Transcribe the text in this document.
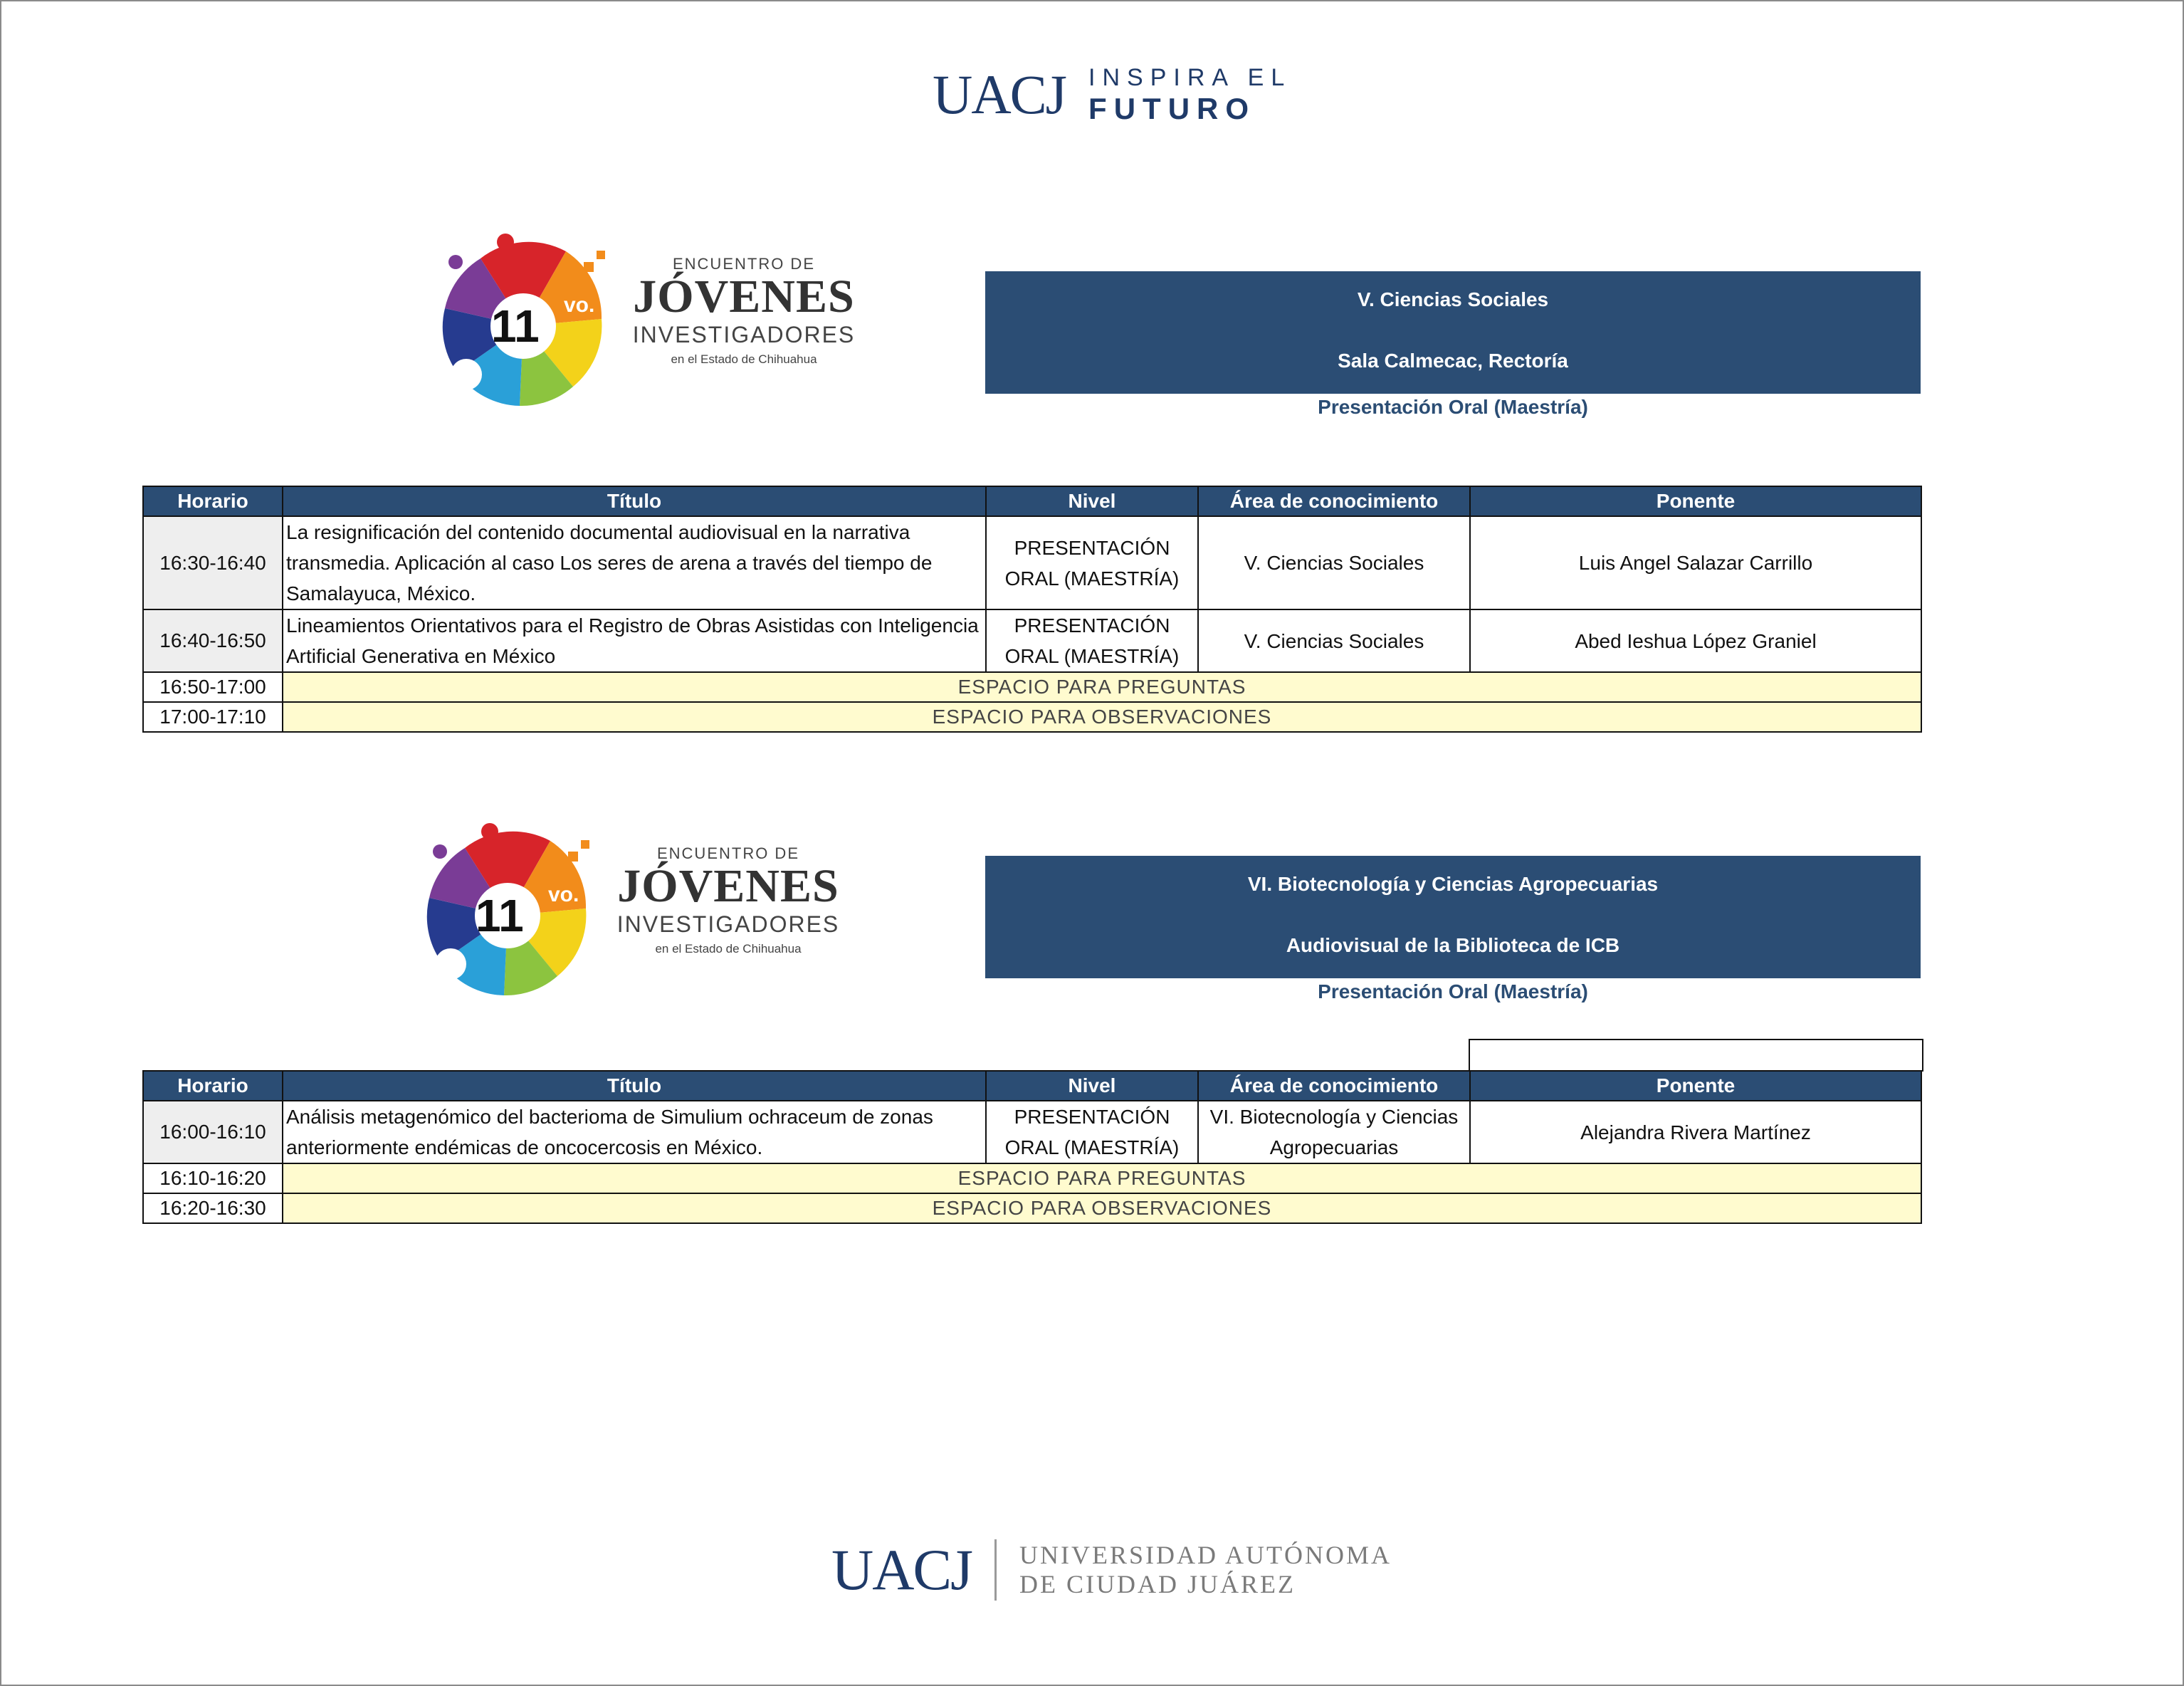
UACJ INSPIRA EL
FUTURO
11 vo.
ENCUENTRO DE
JÓVENES
INVESTIGADORES
en el Estado de Chihuahua
V. Ciencias Sociales
Sala Calmecac, Rectoría
Presentación Oral (Maestría)
Horario	Título	Nivel	Área de conocimiento	Ponente
16:30-16:40	La resignificación del contenido documental audiovisual en la narrativa transmedia. Aplicación al caso Los seres de arena a través del tiempo de Samalayuca, México.	PRESENTACIÓN ORAL (MAESTRÍA)	V. Ciencias Sociales	Luis Angel Salazar Carrillo
16:40-16:50	Lineamientos Orientativos para el Registro de Obras Asistidas con Inteligencia Artificial Generativa en México	PRESENTACIÓN ORAL (MAESTRÍA)	V. Ciencias Sociales	Abed Ieshua López Graniel
16:50-17:00	ESPACIO PARA PREGUNTAS			
17:00-17:10	ESPACIO PARA OBSERVACIONES			
11 vo.
ENCUENTRO DE
JÓVENES
INVESTIGADORES
en el Estado de Chihuahua
VI. Biotecnología y Ciencias Agropecuarias
Audiovisual de la Biblioteca de ICB
Presentación Oral (Maestría)
Horario	Título	Nivel	Área de conocimiento	Ponente
16:00-16:10	Análisis metagenómico del bacterioma de Simulium ochraceum de zonas anteriormente endémicas de oncocercosis en México.	PRESENTACIÓN ORAL (MAESTRÍA)	VI. Biotecnología y Ciencias Agropecuarias	Alejandra Rivera Martínez
16:10-16:20	ESPACIO PARA PREGUNTAS			
16:20-16:30	ESPACIO PARA OBSERVACIONES			
UACJ UNIVERSIDAD AUTÓNOMA
DE CIUDAD JUÁREZ
